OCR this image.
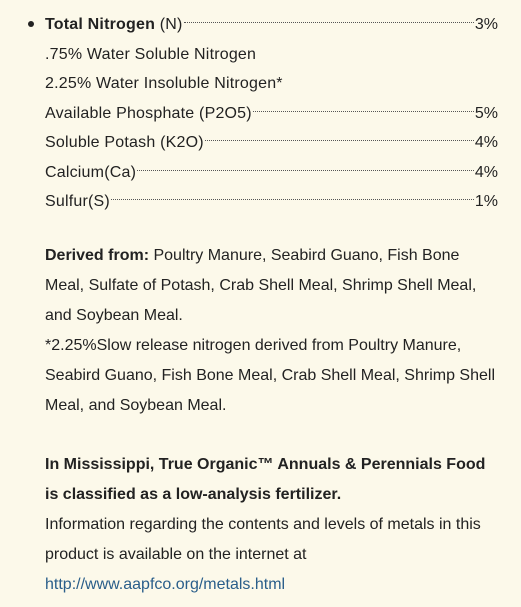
Total Nitrogen (N)	3%
.75% Water Soluble Nitrogen
2.25% Water Insoluble Nitrogen*
Available Phosphate (P2O5)	5%
Soluble Potash (K2O)	4%
Calcium(Ca)	4%
Sulfur(S)	1%

Derived from: Poultry Manure, Seabird Guano, Fish Bone Meal, Sulfate of Potash, Crab Shell Meal, Shrimp Shell Meal, and Soybean Meal.

*2.25%Slow release nitrogen derived from Poultry Manure, Seabird Guano, Fish Bone Meal, Crab Shell Meal, Shrimp Shell Meal, and Soybean Meal.

In Mississippi, True Organic™ Annuals & Perennials Food is classified as a low-analysis fertilizer.

Information regarding the contents and levels of metals in this product is available on the internet at

http://www.aapfco.org/metals.html
